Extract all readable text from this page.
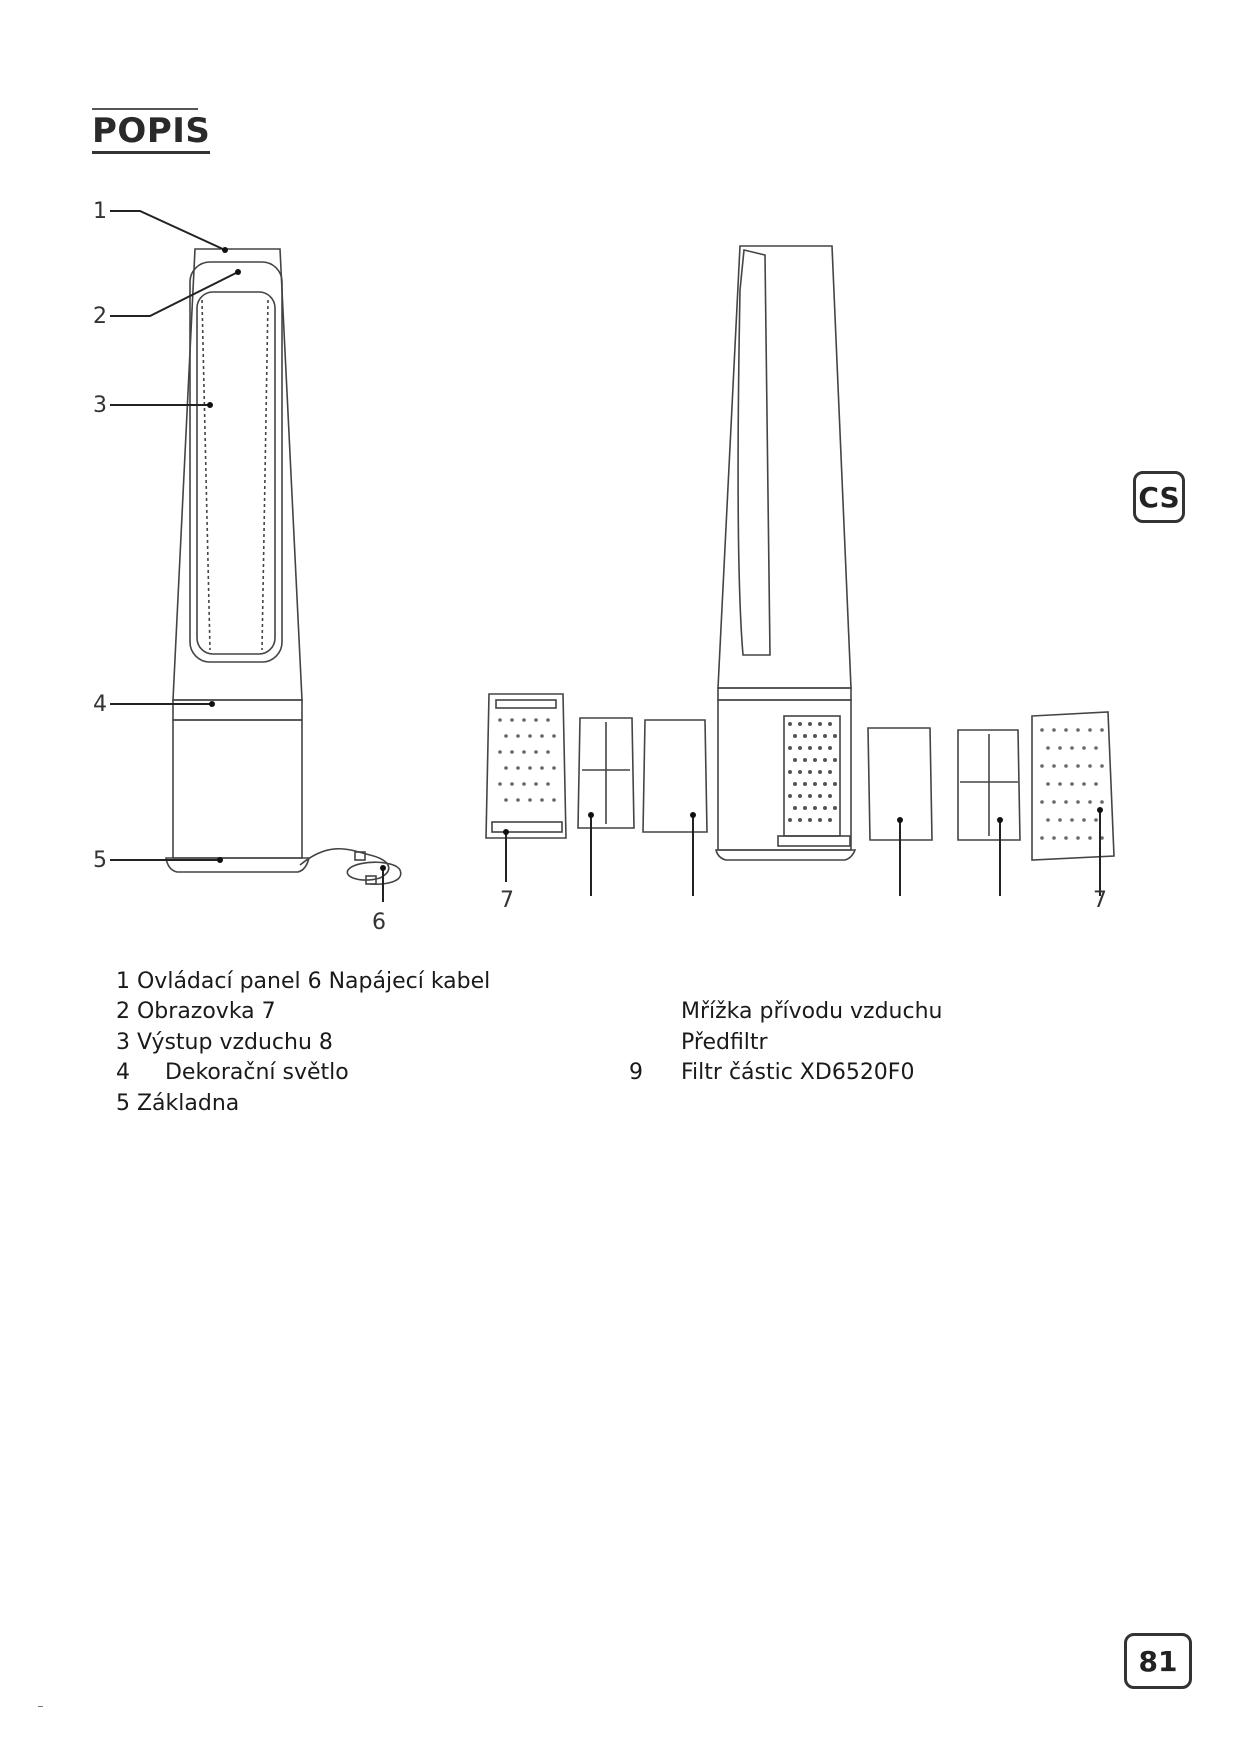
POPIS
CS
1
2
3
4
5
6
7	7
1 Ovládací panel 6 Napájecí kabel
2 Obrazovka 7
3 Výstup vzduchu 8
4     Dekorační světlo
5 Základna
Mřížka přívodu vzduchu
Předfiltr
9 Filtr částic XD6520F0
81
